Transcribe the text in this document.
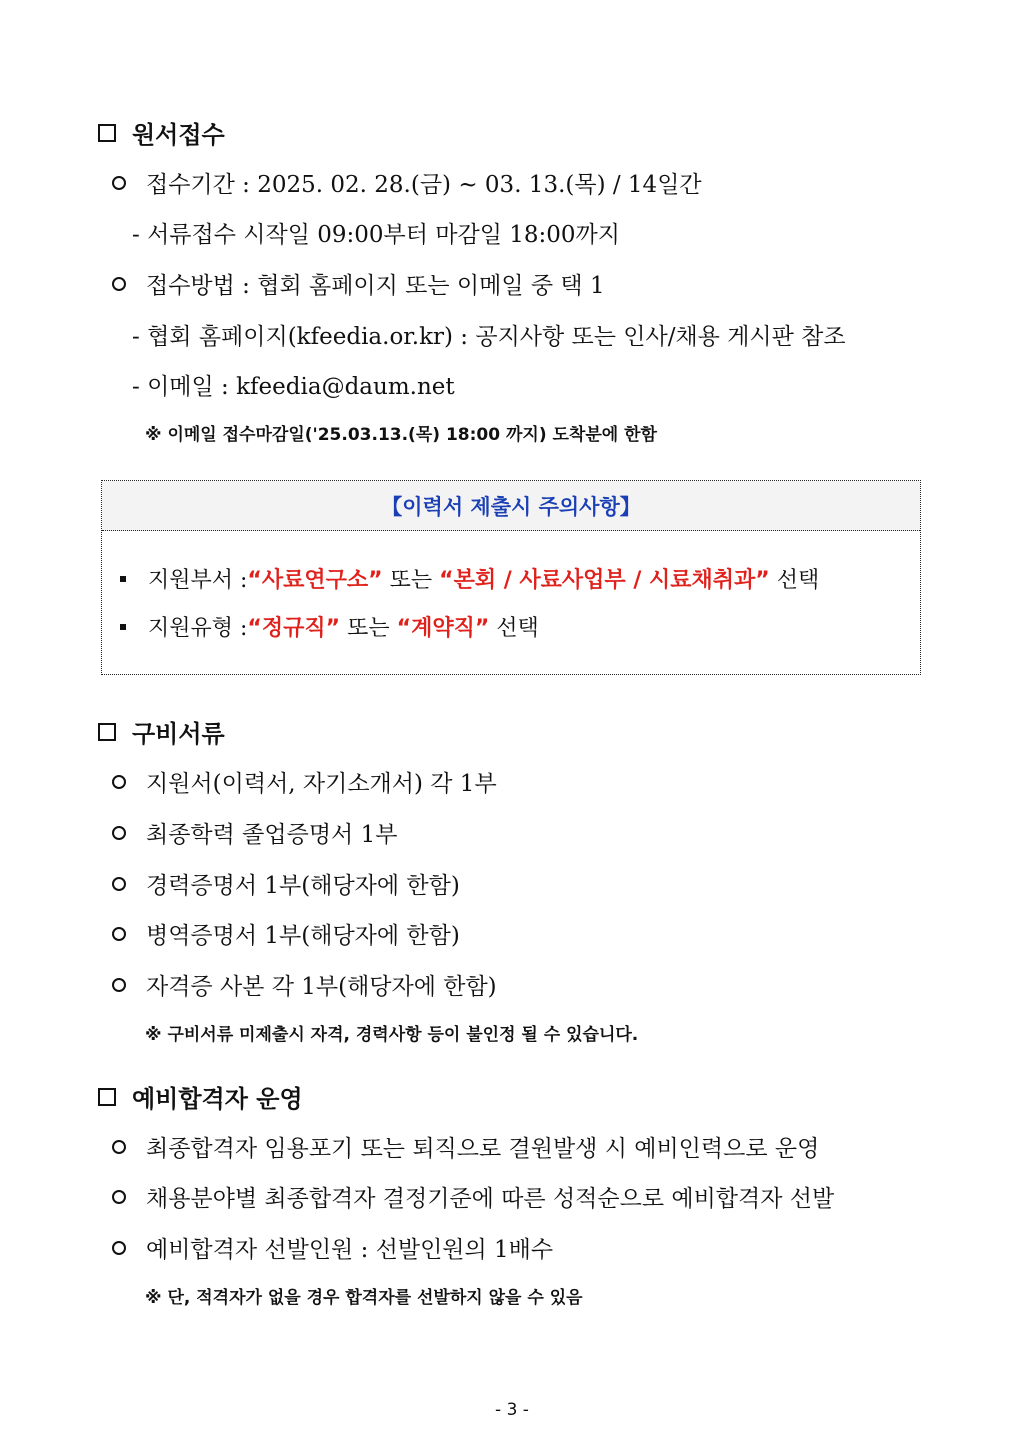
원서접수
접수기간 : 2025. 02. 28.(금) ~ 03. 13.(목) / 14일간
- 서류접수 시작일 09:00부터 마감일 18:00까지
접수방법 : 협회 홈페이지 또는 이메일 중 택 1
- 협회 홈페이지(kfeedia.or.kr) : 공지사항 또는 인사/채용 게시판 참조
- 이메일 : kfeedia@daum.net
※ 이메일 접수마감일('25.03.13.(목) 18:00 까지) 도착분에 한함
【이력서 제출시 주의사항】
지원부서 : “사료연구소” 또는 “본회 / 사료사업부 / 시료채취과” 선택
지원유형 : “정규직” 또는 “계약직” 선택
구비서류
지원서(이력서, 자기소개서) 각 1부
최종학력 졸업증명서 1부
경력증명서 1부(해당자에 한함)
병역증명서 1부(해당자에 한함)
자격증 사본 각 1부(해당자에 한함)
※ 구비서류 미제출시 자격, 경력사항 등이 불인정 될 수 있습니다.
예비합격자 운영
최종합격자 임용포기 또는 퇴직으로 결원발생 시 예비인력으로 운영
채용분야별 최종합격자 결정기준에 따른 성적순으로 예비합격자 선발
예비합격자 선발인원 : 선발인원의 1배수
※ 단, 적격자가 없을 경우 합격자를 선발하지 않을 수 있음
- 3 -
